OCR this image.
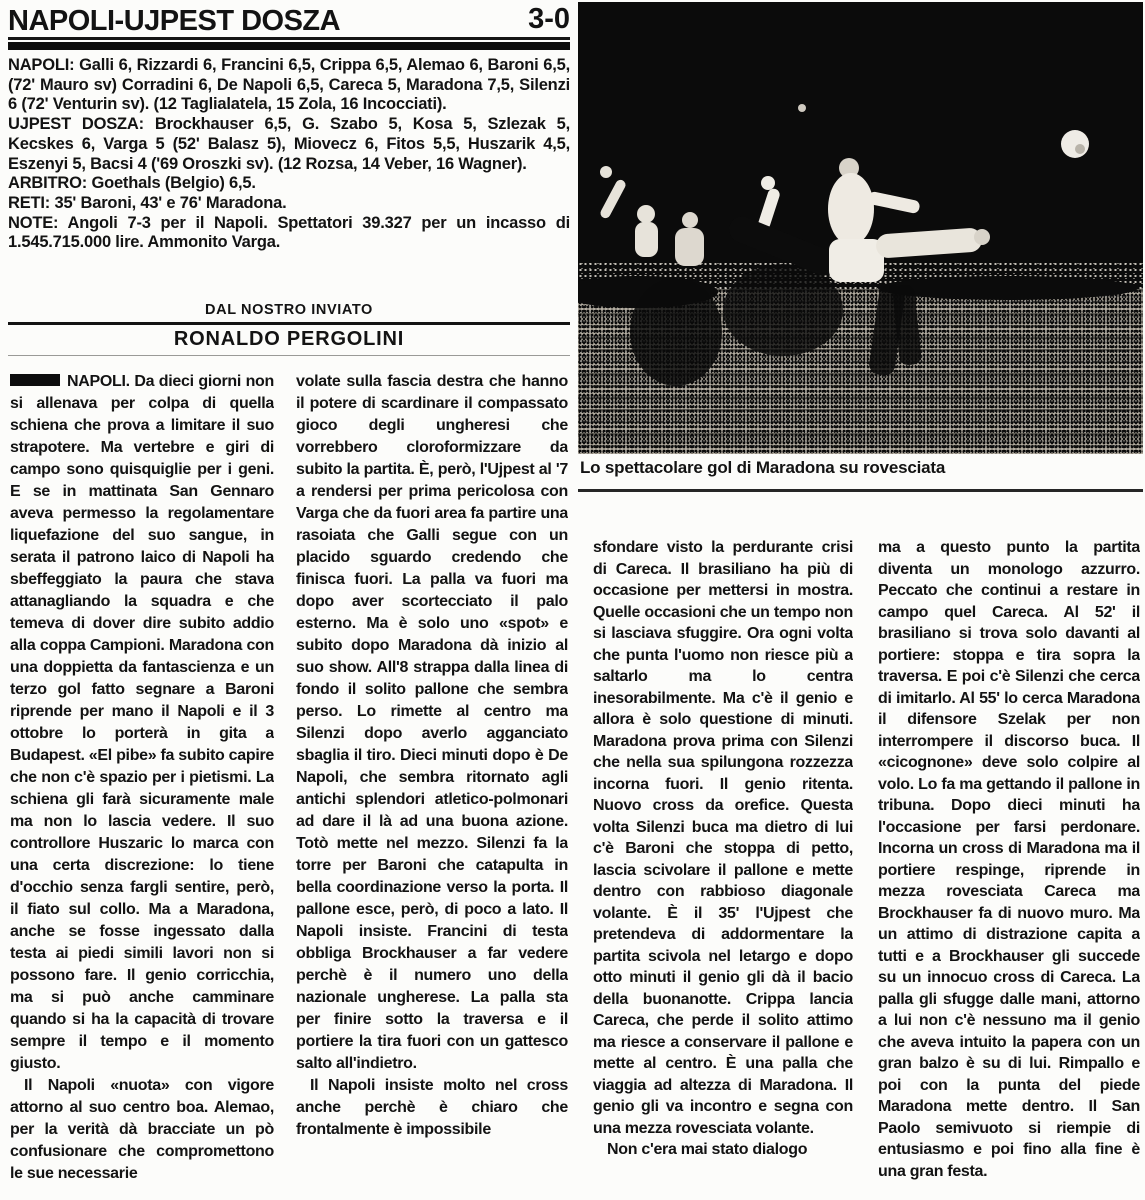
NAPOLI-UJPEST DOSZA	3-0

NAPOLI: Galli 6, Rizzardi 6, Francini 6,5, Crippa 6,5, Alemao 6, Baroni 6,5, (72' Mauro sv) Corradini 6, De Napoli 6,5, Careca 5, Maradona 7,5, Silenzi 6 (72' Venturin sv). (12 Taglialatela, 15 Zola, 16 Incocciati).

UJPEST DOSZA: Brockhauser 6,5, G. Szabo 5, Kosa 5, Szlezak 5, Kecskes 6, Varga 5 (52' Balasz 5), Miovecz 6, Fitos 5,5, Huszarik 4,5, Eszenyi 5, Bacsi 4 ('69 Oroszki sv). (12 Rozsa, 14 Veber, 16 Wagner).

ARBITRO: Goethals (Belgio) 6,5.

RETI: 35' Baroni, 43' e 76' Maradona.

NOTE: Angoli 7-3 per il Napoli. Spettatori 39.327 per un incasso di 1.545.715.000 lire. Ammonito Varga.

DAL NOSTRO INVIATO
RONALDO PERGOLINI
Lo spettacolare gol di Maradona su rovesciata

NAPOLI. Da dieci giorni non si allenava per colpa di quella schiena che prova a limitare il suo strapotere. Ma vertebre e giri di campo sono quisquiglie per i geni. E se in mattinata San Gennaro aveva permesso la regolamentare liquefazione del suo sangue, in serata il patrono laico di Napoli ha sbeffeggiato la paura che stava attanagliando la squadra e che temeva di dover dire subito addio alla coppa Campioni. Maradona con una doppietta da fantascienza e un terzo gol fatto segnare a Baroni riprende per mano il Napoli e il 3 ottobre lo porterà in gita a Budapest. «El pibe» fa subito capire che non c'è spazio per i pietismi. La schiena gli farà sicuramente male ma non lo lascia vedere. Il suo controllore Huszaric lo marca con una certa discrezione: lo tiene d'occhio senza fargli sentire, però, il fiato sul collo. Ma a Maradona, anche se fosse ingessato dalla testa ai piedi simili lavori non si possono fare. Il genio corricchia, ma si può anche camminare quando si ha la capacità di trovare sempre il tempo e il momento giusto.

Il Napoli «nuota» con vigore attorno al suo centro boa. Alemao, per la verità dà bracciate un pò confusionare che compromettono le sue necessarie

volate sulla fascia destra che hanno il potere di scardinare il compassato gioco degli ungheresi che vorrebbero cloroformizzare da subito la partita. È, però, l'Ujpest al '7 a rendersi per prima pericolosa con Varga che da fuori area fa partire una rasoiata che Galli segue con un placido sguardo credendo che finisca fuori. La palla va fuori ma dopo aver scortecciato il palo esterno. Ma è solo uno «spot» e subito dopo Maradona dà inizio al suo show. All'8 strappa dalla linea di fondo il solito pallone che sembra perso. Lo rimette al centro ma Silenzi dopo averlo agganciato sbaglia il tiro. Dieci minuti dopo è De Napoli, che sembra ritornato agli antichi splendori atletico-polmonari ad dare il là ad una buona azione. Totò mette nel mezzo. Silenzi fa la torre per Baroni che catapulta in bella coordinazione verso la porta. Il pallone esce, però, di poco a lato. Il Napoli insiste. Francini di testa obbliga Brockhauser a far vedere perchè è il numero uno della nazionale ungherese. La palla sta per finire sotto la traversa e il portiere la tira fuori con un gattesco salto all'indietro.

Il Napoli insiste molto nel cross anche perchè è chiaro che frontalmente è impossibile

sfondare visto la perdurante crisi di Careca. Il brasiliano ha più di occasione per mettersi in mostra. Quelle occasioni che un tempo non si lasciava sfuggire. Ora ogni volta che punta l'uomo non riesce più a saltarlo ma lo centra inesorabilmente. Ma c'è il genio e allora è solo questione di minuti. Maradona prova prima con Silenzi che nella sua spilungona rozzezza incorna fuori. Il genio ritenta. Nuovo cross da orefice. Questa volta Silenzi buca ma dietro di lui c'è Baroni che stoppa di petto, lascia scivolare il pallone e mette dentro con rabbioso diagonale volante. È il 35' l'Ujpest che pretendeva di addormentare la partita scivola nel letargo e dopo otto minuti il genio gli dà il bacio della buonanotte. Crippa lancia Careca, che perde il solito attimo ma riesce a conservare il pallone e mette al centro. È una palla che viaggia ad altezza di Maradona. Il genio gli va incontro e segna con una mezza rovesciata volante.

Non c'era mai stato dialogo

ma a questo punto la partita diventa un monologo azzurro. Peccato che continui a restare in campo quel Careca. Al 52' il brasiliano si trova solo davanti al portiere: stoppa e tira sopra la traversa. E poi c'è Silenzi che cerca di imitarlo. Al 55' lo cerca Maradona il difensore Szelak per non interrompere il discorso buca. Il «cicognone» deve solo colpire al volo. Lo fa ma gettando il pallone in tribuna. Dopo dieci minuti ha l'occasione per farsi perdonare. Incorna un cross di Maradona ma il portiere respinge, riprende in mezza rovesciata Careca ma Brockhauser fa di nuovo muro. Ma un attimo di distrazione capita a tutti e a Brockhauser gli succede su un innocuo cross di Careca. La palla gli sfugge dalle mani, attorno a lui non c'è nessuno ma il genio che aveva intuito la papera con un gran balzo è su di lui. Rimpallo e poi con la punta del piede Maradona mette dentro. Il San Paolo semivuoto si riempie di entusiasmo e poi fino alla fine è una gran festa.
